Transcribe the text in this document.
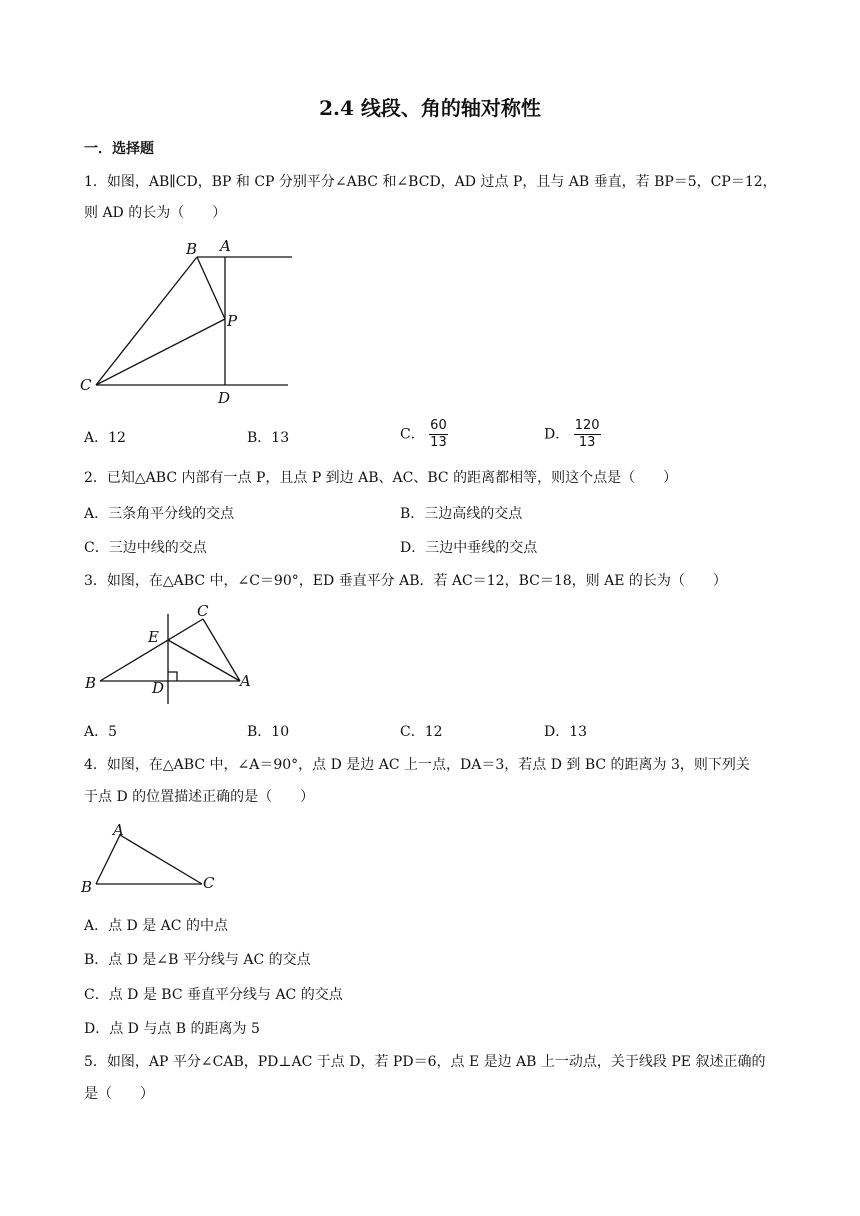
2.4 线段、角的轴对称性
一．选择题
1．如图，AB∥CD，BP 和 CP 分别平分∠ABC 和∠BCD，AD 过点 P，且与 AB 垂直，若 BP＝5，CP＝12，
则 AD 的长为（　　）
B A
P
C
D
A．12	B．13	C． $\frac{60}{13}$	D． $\frac{120}{13}$
2．已知△ABC 内部有一点 P，且点 P 到边 AB、AC、BC 的距离都相等，则这个点是（　　）
A．三条角平分线的交点	B．三边高线的交点
C．三边中线的交点	D．三边中垂线的交点
3．如图，在△ABC 中，∠C＝90°，ED 垂直平分 AB．若 AC＝12，BC＝18，则 AE 的长为（　　）
C
E
B	D	A
A．5	B．10	C．12	D．13
4．如图，在△ABC 中，∠A＝90°，点 D 是边 AC 上一点，DA＝3，若点 D 到 BC 的距离为 3，则下列关
于点 D 的位置描述正确的是（　　）
A
B	C
A．点 D 是 AC 的中点
B．点 D 是∠B 平分线与 AC 的交点
C．点 D 是 BC 垂直平分线与 AC 的交点
D．点 D 与点 B 的距离为 5
5．如图，AP 平分∠CAB，PD⊥AC 于点 D，若 PD＝6，点 E 是边 AB 上一动点，关于线段 PE 叙述正确的
是（　　）
